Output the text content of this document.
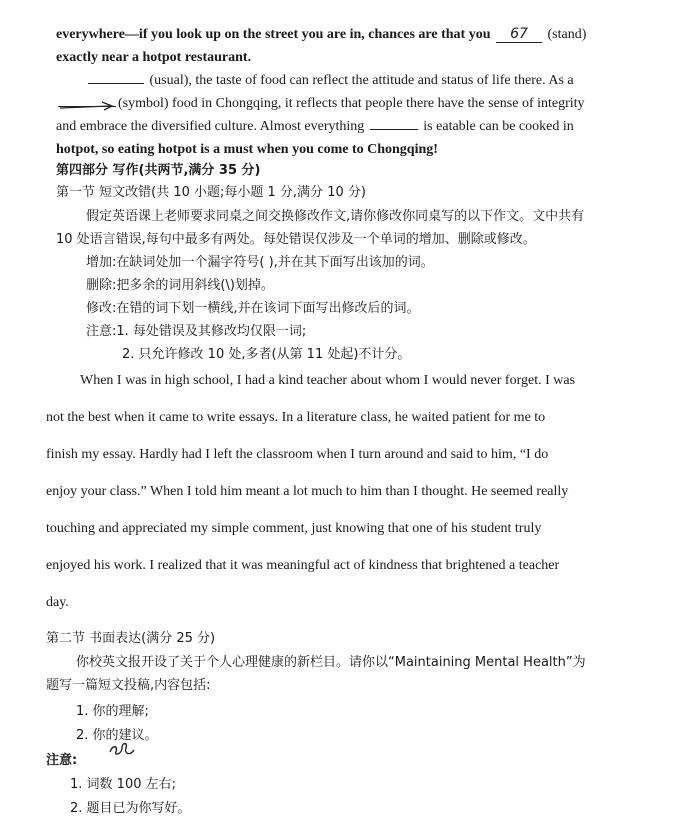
everywhere—if you look up on the street you are in, chances are that you 67 (stand)
exactly near a hotpot restaurant.
(usual), the taste of food can reflect the attitude and status of life there. As a
(symbol) food in Chongqing, it reflects that people there have the sense of integrity
and embrace the diversified culture. Almost everything	is eatable can be cooked in
hotpot, so eating hotpot is a must when you come to Chongqing!
第四部分 写作(共两节,满分 35 分)
第一节 短文改错(共 10 小题;每小题 1 分,满分 10 分)
假定英语课上老师要求同桌之间交换修改作文,请你修改你同桌写的以下作文。文中共有
10 处语言错误,每句中最多有两处。每处错误仅涉及一个单词的增加、删除或修改。
增加:在缺词处加一个漏字符号( ),并在其下面写出该加的词。
删除:把多余的词用斜线(\)划掉。
修改:在错的词下划一横线,并在该词下面写出修改后的词。
注意:1. 每处错误及其修改均仅限一词;
2. 只允许修改 10 处,多者(从第 11 处起)不计分。
When I was in high school, I had a kind teacher about whom I would never forget. I was
not the best when it came to write essays. In a literature class, he waited patient for me to
finish my essay. Hardly had I left the classroom when I turn around and said to him, “I do
enjoy your class.” When I told him meant a lot much to him than I thought. He seemed really
touching and appreciated my simple comment, just knowing that one of his student truly
enjoyed his work. I realized that it was meaningful act of kindness that brightened a teacher
day.
第二节 书面表达(满分 25 分)
你校英文报开设了关于个人心理健康的新栏目。请你以“Maintaining Mental Health”为
题写一篇短文投稿,内容包括:
1. 你的理解;
2. 你的建议。
注意:
1. 词数 100 左右;
2. 题目已为你写好。
